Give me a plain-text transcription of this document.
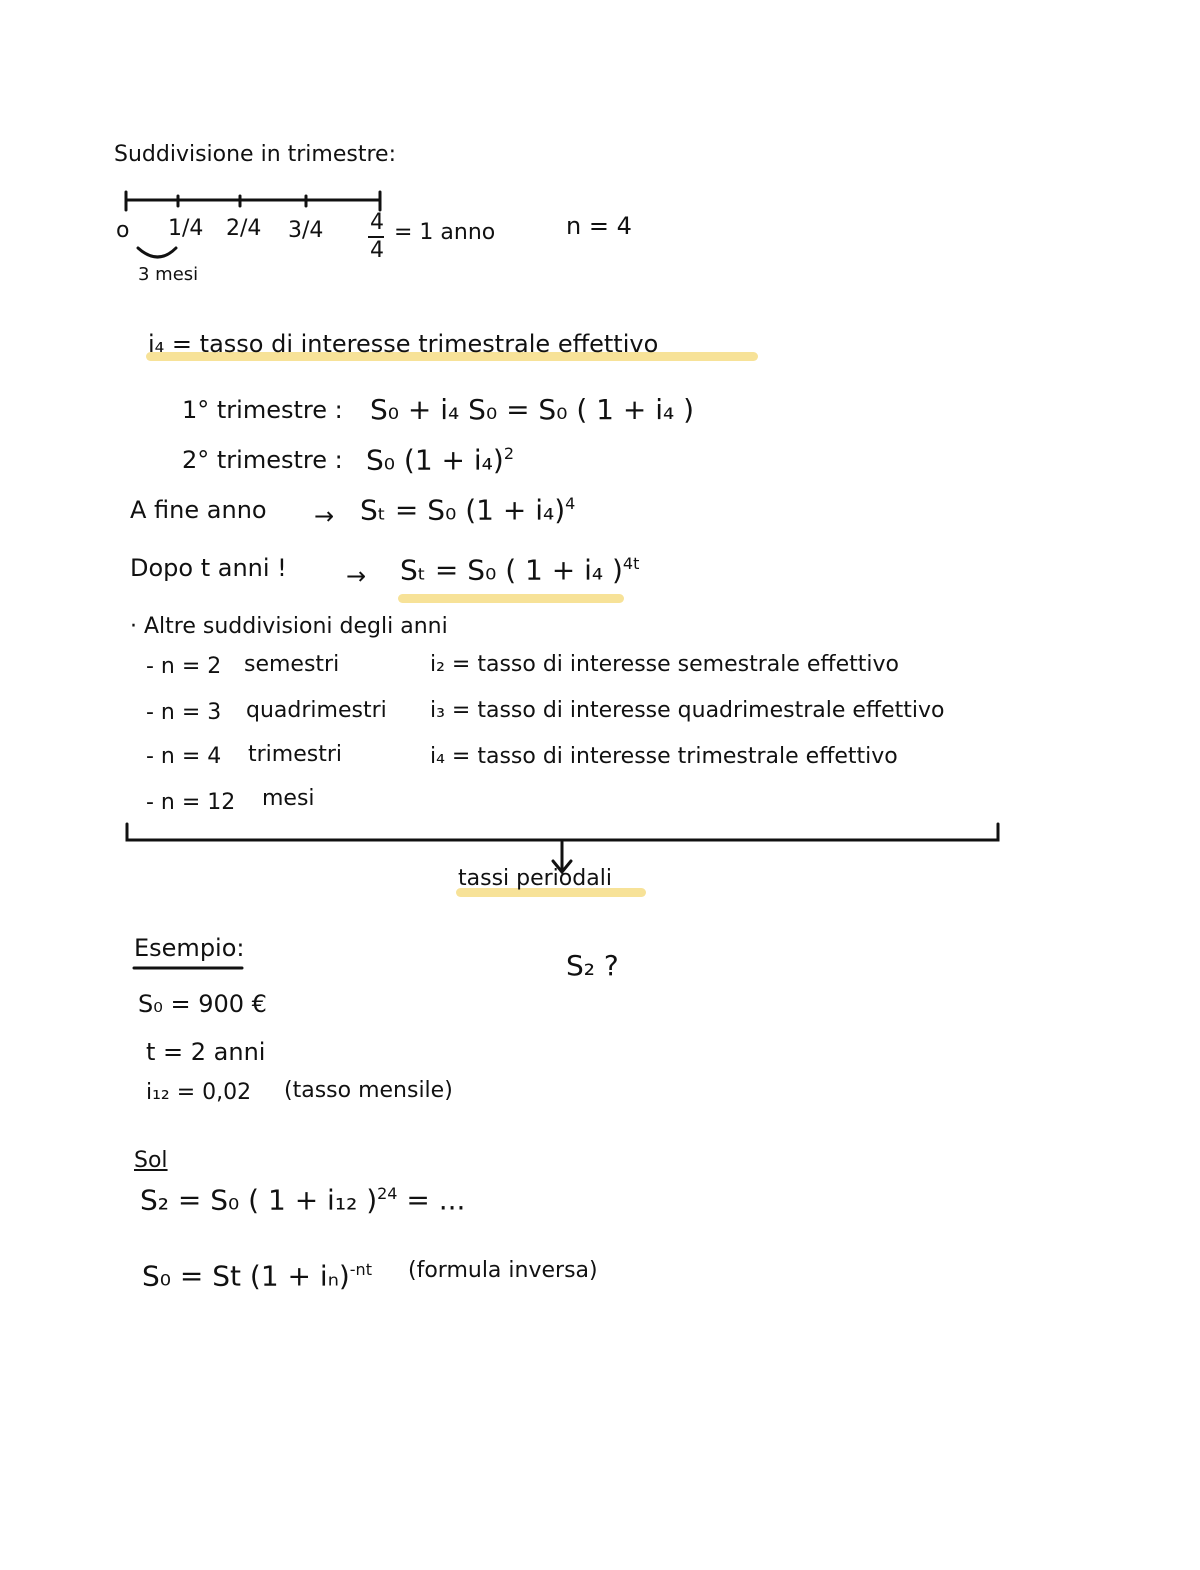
Suddivisione in trimestre:
o 1/4 2/4 3/4 4
4
= 1 anno	n = 4
3 mesi
i₄ = tasso di interesse trimestrale effettivo
1° trimestre : S₀ + i₄ S₀ = S₀ ( 1 + i₄ )
2° trimestre : S₀ $(1 + i_4)^2$
A fine anno → Sₜ = S₀ $(1 + i_4)^4$
Dopo t anni ! → Sₜ = S₀ ( 1 + i₄ )$^{4t}$
· Altre suddivisioni degli anni
- n = 2 semestri	i₂ = tasso di interesse semestrale effettivo
- n = 3 quadrimestri i₃ = tasso di interesse quadrimestrale effettivo
- n = 4 trimestri	i₄ = tasso di interesse trimestrale effettivo
- n = 12 mesi
tassi periodali
Esempio:
S₂ ?
S₀ = 900 €
t = 2 anni
i₁₂ = 0,02 (tasso mensile)
Sol
S₂ = S₀ ( 1 + i₁₂ )$^{24}$ = ...
S₀ = St $(1 + i_n)^{-nt}$ (formula inversa)
